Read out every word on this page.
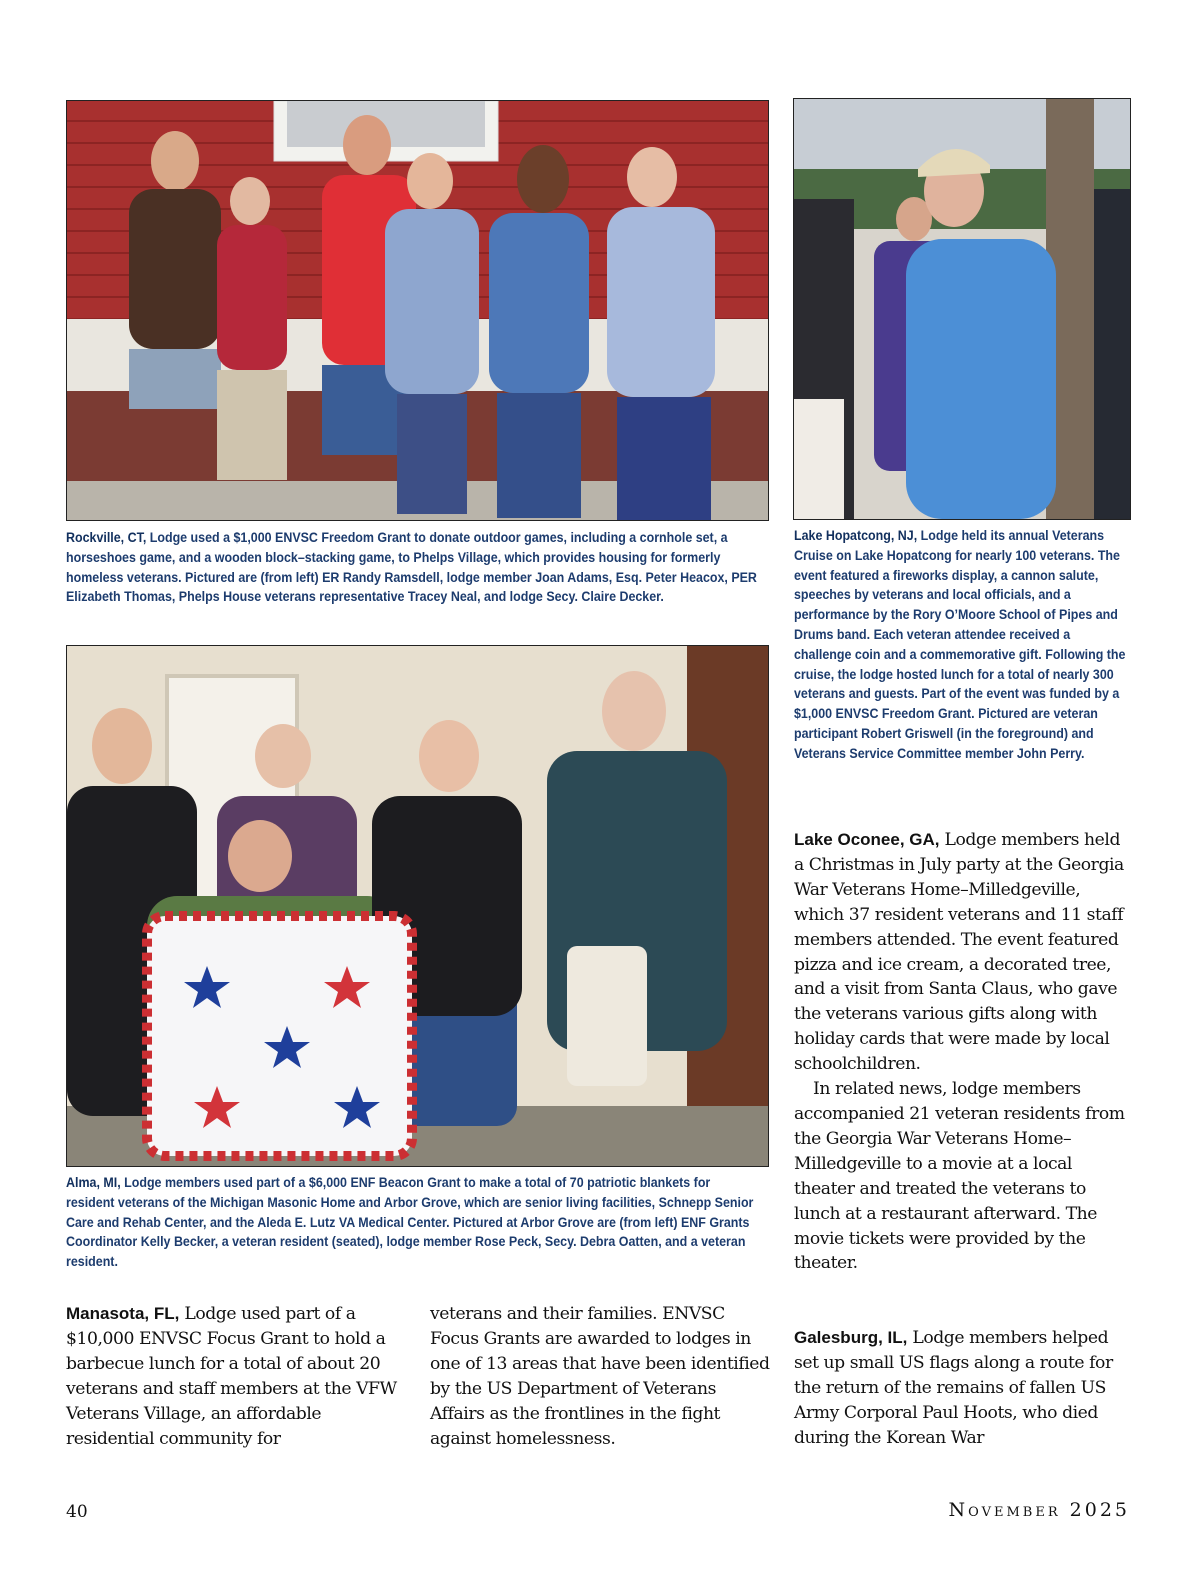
Rockville, CT, Lodge used a $1,000 ENVSC Freedom Grant to donate outdoor games, including a cornhole set, a horseshoes game, and a wooden block–stacking game, to Phelps Village, which provides housing for formerly homeless veterans. Pictured are (from left) ER Randy Ramsdell, lodge member Joan Adams, Esq. Peter Heacox, PER Elizabeth Thomas, Phelps House veterans representative Tracey Neal, and lodge Secy. Claire Decker.

Lake Hopatcong, NJ, Lodge held its annual Veterans Cruise on Lake Hopatcong for nearly 100 veterans. The event featured a fireworks display, a cannon salute, speeches by veterans and local officials, and a performance by the Rory O’Moore School of Pipes and Drums band. Each veteran attendee received a challenge coin and a commemorative gift. Following the cruise, the lodge hosted lunch for a total of nearly 300 veterans and guests. Part of the event was funded by a $1,000 ENVSC Freedom Grant. Pictured are veteran participant Robert Griswell (in the foreground) and Veterans Service Committee member John Perry.

Alma, MI, Lodge members used part of a $6,000 ENF Beacon Grant to make a total of 70 patriotic blankets for resident veterans of the Michigan Masonic Home and Arbor Grove, which are senior living facilities, Schnepp Senior Care and Rehab Center, and the Aleda E. Lutz VA Medical Center. Pictured at Arbor Grove are (from left) ENF Grants Coordinator Kelly Becker, a veteran resident (seated), lodge member Rose Peck, Secy. Debra Oatten, and a veteran resident.

Lake Oconee, GA, Lodge members held a Christmas in July party at the Georgia War Veterans Home–Milledgeville, which 37 resident veterans and 11 staff members attended. The event featured pizza and ice cream, a decorated tree, and a visit from Santa Claus, who gave the veterans various gifts along with holiday cards that were made by local schoolchildren.
In related news, lodge members accompanied 21 veteran residents from the Georgia War Veterans Home–Milledgeville to a movie at a local theater and treated the veterans to lunch at a restaurant afterward. The movie tickets were provided by the theater.
Galesburg, IL, Lodge members helped set up small US flags along a route for the return of the remains of fallen US Army Corporal Paul Hoots, who died during the Korean War
Manasota, FL, Lodge used part of a $10,000 ENVSC Focus Grant to hold a barbecue lunch for a total of about 20 veterans and staff members at the VFW Veterans Village, an affordable residential community for
veterans and their families. ENVSC Focus Grants are awarded to lodges in one of 13 areas that have been identified by the US Department of Veterans Affairs as the frontlines in the fight against homelessness.
40	November 2025
